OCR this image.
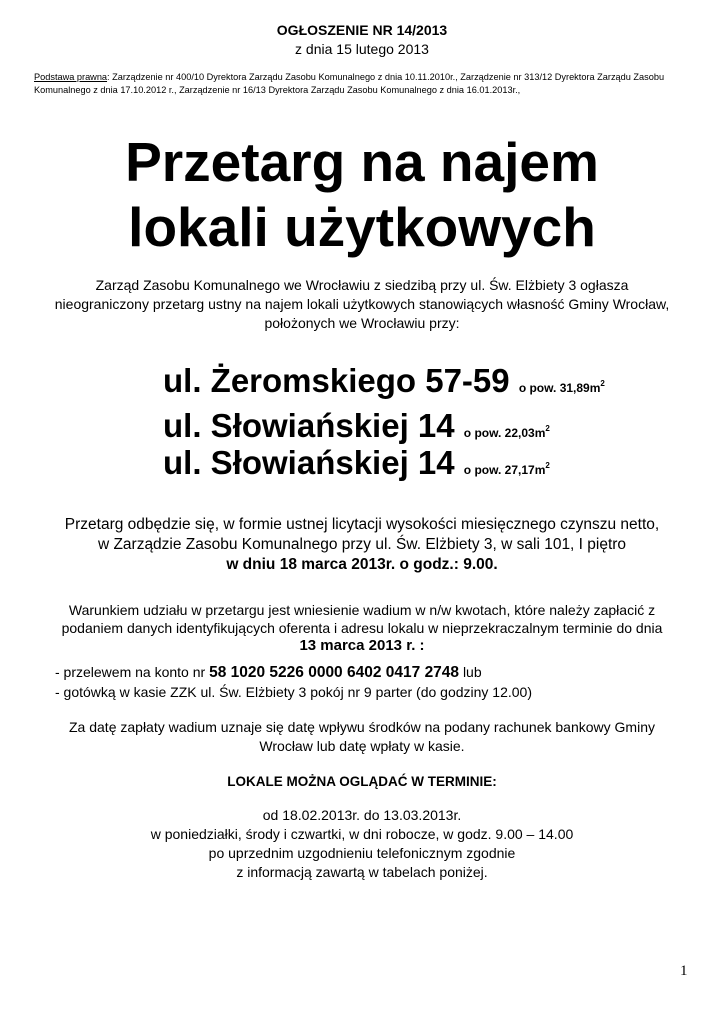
OGŁOSZENIE NR 14/2013
z dnia 15 lutego 2013
Podstawa prawna: Zarządzenie nr 400/10 Dyrektora Zarządu Zasobu Komunalnego z dnia 10.11.2010r., Zarządzenie nr 313/12 Dyrektora Zarządu Zasobu Komunalnego z dnia 17.10.2012 r., Zarządzenie nr 16/13 Dyrektora Zarządu Zasobu Komunalnego z dnia 16.01.2013r.,
Przetarg na najem
lokali użytkowych
Zarząd Zasobu Komunalnego we Wrocławiu z siedzibą przy ul. Św. Elżbiety 3 ogłasza
nieograniczony przetarg ustny na najem lokali użytkowych stanowiących własność Gminy Wrocław,
położonych we Wrocławiu przy:
ul. Żeromskiego 57-59 o pow. $31,89m^2$
ul. Słowiańskiej 14 o pow. $22,03m^2$
ul. Słowiańskiej 14 o pow. $27,17m^2$
Przetarg odbędzie się, w formie ustnej licytacji wysokości miesięcznego czynszu netto,
w Zarządzie Zasobu Komunalnego przy ul. Św. Elżbiety 3, w sali 101, I piętro
w dniu 18 marca 2013r. o godz.: 9.00.
Warunkiem udziału w przetargu jest wniesienie wadium w n/w kwotach, które należy zapłacić z
podaniem danych identyfikujących oferenta i adresu lokalu w nieprzekraczalnym terminie do dnia
13 marca 2013 r. :
- przelewem na konto nr 58 1020 5226 0000 6402 0417 2748 lub
- gotówką w kasie ZZK ul. Św. Elżbiety 3 pokój nr 9 parter (do godziny 12.00)
Za datę zapłaty wadium uznaje się datę wpływu środków na podany rachunek bankowy Gminy
Wrocław lub datę wpłaty w kasie.
LOKALE MOŻNA OGLĄDAĆ W TERMINIE:
od 18.02.2013r. do 13.03.2013r.
w poniedziałki, środy i czwartki, w dni robocze, w godz. 9.00 – 14.00
po uprzednim uzgodnieniu telefonicznym zgodnie
z informacją zawartą w tabelach poniżej.
1
